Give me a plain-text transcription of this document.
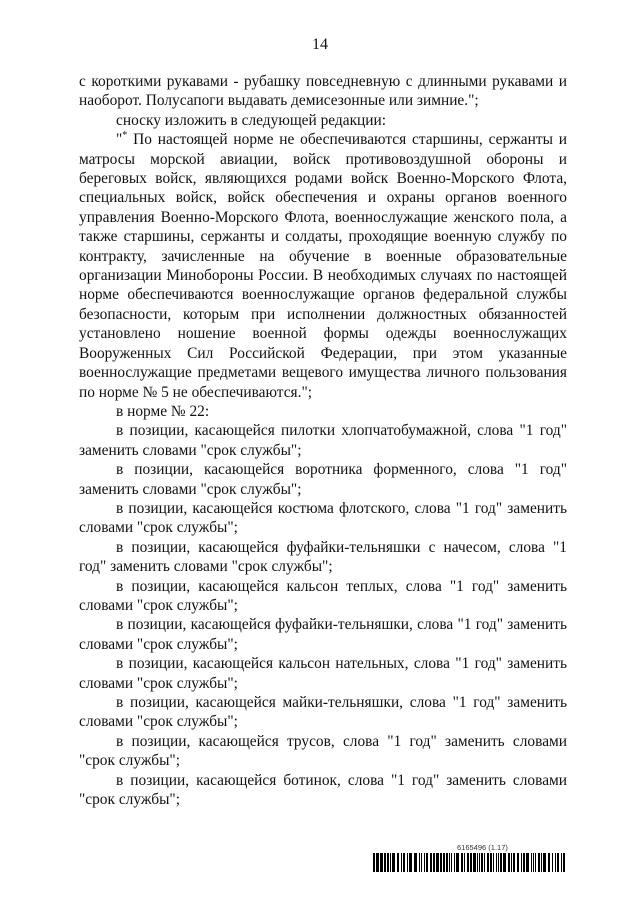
14

с короткими рукавами - рубашку повседневную с длинными рукавами и наоборот. Полусапоги выдавать демисезонные или зимние.";

сноску изложить в следующей редакции:

"* По настоящей норме не обеспечиваются старшины, сержанты и матросы морской авиации, войск противовоздушной обороны и береговых войск, являющихся родами войск Военно-Морского Флота, специальных войск, войск обеспечения и охраны органов военного управления Военно-Морского Флота, военнослужащие женского пола, а также старшины, сержанты и солдаты, проходящие военную службу по контракту, зачисленные на обучение в военные образовательные организации Минобороны России. В необходимых случаях по настоящей норме обеспечиваются военнослужащие органов федеральной службы безопасности, которым при исполнении должностных обязанностей установлено ношение военной формы одежды военнослужащих Вооруженных Сил Российской Федерации, при этом указанные военнослужащие предметами вещевого имущества личного пользования по норме № 5 не обеспечиваются.";

в норме № 22:

в позиции, касающейся пилотки хлопчатобумажной, слова "1 год" заменить словами "срок службы";

в позиции, касающейся воротника форменного, слова "1 год" заменить словами "срок службы";

в позиции, касающейся костюма флотского, слова "1 год" заменить словами "срок службы";

в позиции, касающейся фуфайки-тельняшки с начесом, слова "1 год" заменить словами "срок службы";

в позиции, касающейся кальсон теплых, слова "1 год" заменить словами "срок службы";

в позиции, касающейся фуфайки-тельняшки, слова "1 год" заменить словами "срок службы";

в позиции, касающейся кальсон нательных, слова "1 год" заменить словами "срок службы";

в позиции, касающейся майки-тельняшки, слова "1 год" заменить словами "срок службы";

в позиции, касающейся трусов, слова "1 год" заменить словами "срок службы";

в позиции, касающейся ботинок, слова "1 год" заменить словами "срок службы";

6165496 (1.17)
